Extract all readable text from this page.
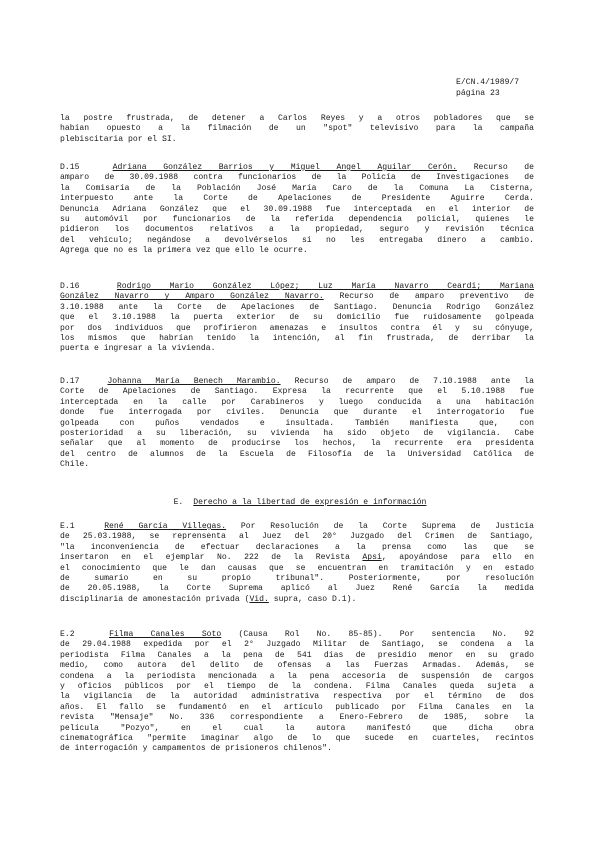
E/CN.4/1989/7
página 23
la postre frustrada, de detener a Carlos Reyes y a otros pobladores que se
habían opuesto a la filmación de un "spot" televisivo para la campaña
plebiscitaria por el SÍ.
D.15	Adriana González Barrios y Miguel Angel Aguilar Cerón. Recurso de
amparo de 30.09.1988 contra funcionarios de la Policía de Investigaciones de
la Comisaría de la Población José María Caro de la Comuna La Cisterna,
interpuesto ante la Corte de Apelaciones de Presidente Aguirre Cerda.
Denuncia Adriana González que el 30.09.1988 fue interceptada en el interior de
su automóvil por funcionarios de la referida dependencia policial, quienes le
pidieron los documentos relativos a la propiedad, seguro y revisión técnica
del vehículo; negándose a devolvérselos si no les entregaba dinero a cambio.
Agrega que no es la primera vez que ello le ocurre.
D.16	Rodrigo Mario González López; Luz María Navarro Ceardi; Mariana
González Navarro y Amparo González Navarro. Recurso de amparo preventivo de
3.10.1988 ante la Corte de Apelaciones de Santiago. Denuncia Rodrigo González
que el 3.10.1988 la puerta exterior de su domicilio fue ruidosamente golpeada
por dos individuos que profirieron amenazas e insultos contra él y su cónyuge,
los mismos que habrían tenido la intención, al fin frustrada, de derribar la
puerta e ingresar a la vivienda.
D.17	Johanna María Benech Marambio. Recurso de amparo de 7.10.1988 ante la
Corte de Apelaciones de Santiago. Expresa la recurrente que el 5.10.1988 fue
interceptada en la calle por Carabineros y luego conducida a una habitación
donde fue interrogada por civiles. Denuncia que durante el interrogatorio fue
golpeada con puños vendados e insultada. También manifiesta que, con
posterioridad a su liberación, su vivienda ha sido objeto de vigilancia. Cabe
señalar que al momento de producirse los hechos, la recurrente era presidenta
del centro de alumnos de la Escuela de Filosofía de la Universidad Católica de
Chile.
E. Derecho a la libertad de expresión e información
E.1	René García Villegas. Por Resolución de la Corte Suprema de Justicia
de 25.03.1988, se reprensenta al Juez del 20° Juzgado del Crimen de Santiago,
"la inconveniencia de efectuar declaraciones a la prensa como las que se
insertaron en el ejemplar No. 222 de la Revista Apsi, apoyándose para ello en
el conocimiento que le dan causas que se encuentran en tramitación y en estado
de sumario en su propio tribunal". Posteriormente, por resolución
de 20.05.1988, la Corte Suprema aplicó al Juez René García la medida
disciplinaria de amonestación privada (Vid. supra, caso D.1).
E.2	Filma Canales Soto (Causa Rol No. 85-85). Por sentencia No. 92
de 29.04.1988 expedida por el 2° Juzgado Militar de Santiago, se condena a la
periodista Filma Canales a la pena de 541 días de presidio menor en su grado
medio, como autora del delito de ofensas a las Fuerzas Armadas. Además, se
condena a la periodista mencionada a la pena accesoria de suspensión de cargos
y oficios públicos por el tiempo de la condena. Filma Canales queda sujeta a
la vigilancia de la autoridad administrativa respectiva por el término de dos
años. El fallo se fundamentó en el artículo publicado por Filma Canales en la
revista "Mensaje" No. 336 correspondiente a Enero-Febrero de 1985, sobre la
película "Pozyo", en el cual la autora manifestó que dicha obra
cinematográfica "permite imaginar algo de lo que sucede en cuarteles, recintos
de interrogación y campamentos de prisioneros chilenos".
